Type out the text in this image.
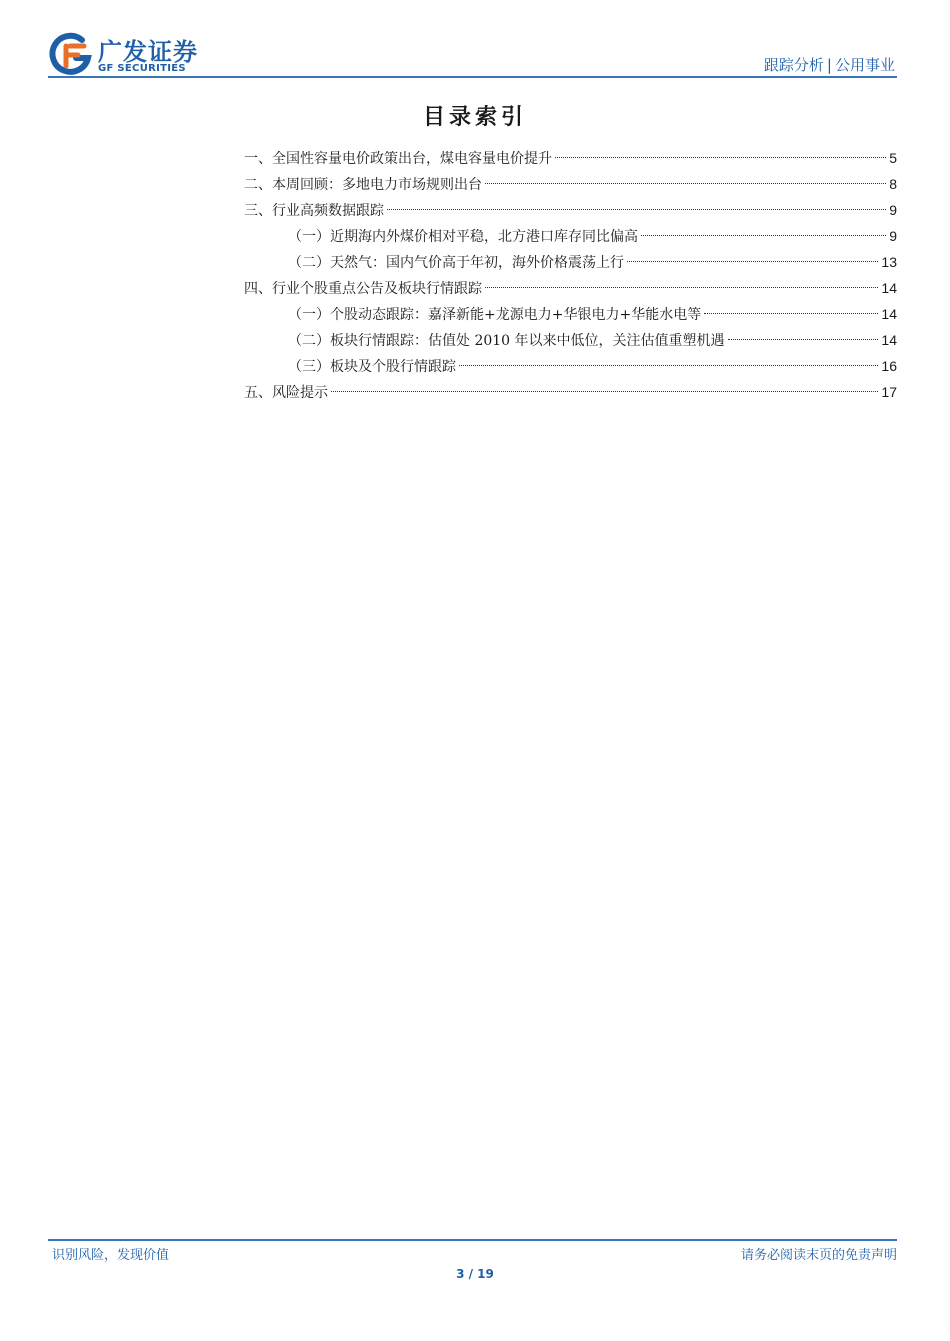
广发证券
GF SECURITIES	跟踪分析 | 公用事业
目录索引
一、全国性容量电价政策出台，煤电容量电价提升	5
二、本周回顾：多地电力市场规则出台	8
三、行业高频数据跟踪	9
（一）近期海内外煤价相对平稳，北方港口库存同比偏高	9
（二）天然气：国内气价高于年初，海外价格震荡上行	13
四、行业个股重点公告及板块行情跟踪	14
（一）个股动态跟踪：嘉泽新能+龙源电力+华银电力+华能水电等	14
（二）板块行情跟踪：估值处 2010 年以来中低位，关注估值重塑机遇	14
（三）板块及个股行情跟踪	16
五、风险提示	17
识别风险，发现价值	请务必阅读末页的免责声明
3 / 19
